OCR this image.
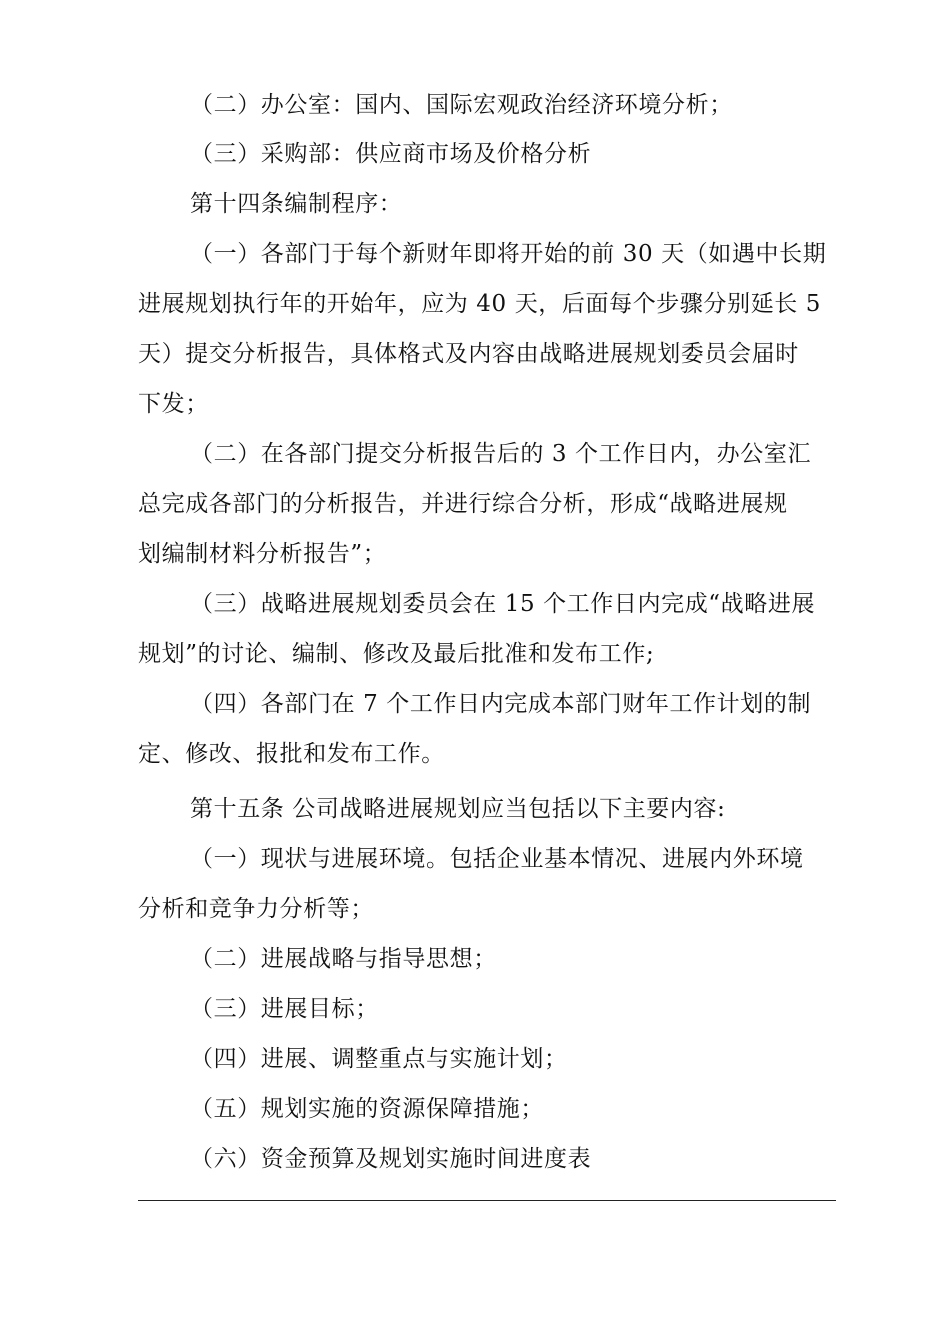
（二）办公室：国内、国际宏观政治经济环境分析；
（三）采购部：供应商市场及价格分析
第十四条编制程序：
（一）各部门于每个新财年即将开始的前 30 天（如遇中长期
进展规划执行年的开始年，应为 40 天，后面每个步骤分别延长 5
天）提交分析报告，具体格式及内容由战略进展规划委员会届时
下发；
（二）在各部门提交分析报告后的 3 个工作日内，办公室汇
总完成各部门的分析报告，并进行综合分析，形成“战略进展规
划编制材料分析报告”；
（三）战略进展规划委员会在 15 个工作日内完成“战略进展
规划”的讨论、编制、修改及最后批准和发布工作;
（四）各部门在 7 个工作日内完成本部门财年工作计划的制
定、修改、报批和发布工作。
第十五条 公司战略进展规划应当包括以下主要内容:
（一）现状与进展环境。包括企业基本情况、进展内外环境
分析和竞争力分析等；
（二）进展战略与指导思想；
（三）进展目标；
（四）进展、调整重点与实施计划；
（五）规划实施的资源保障措施；
（六）资金预算及规划实施时间进度表
